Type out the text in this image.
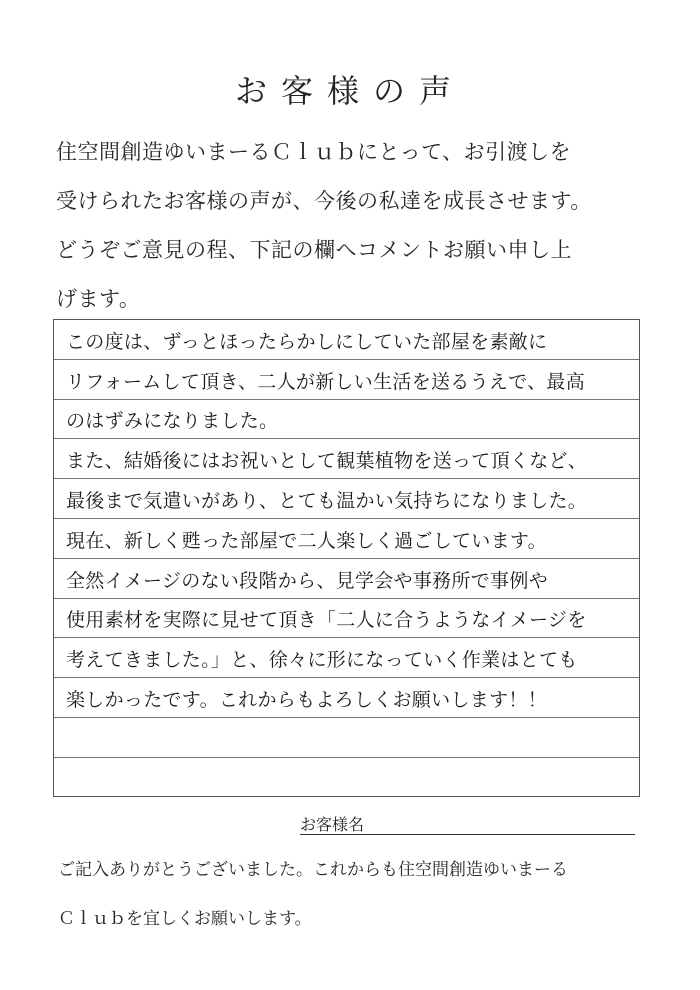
お客様の声

住空間創造ゆいまーるＣｌｕｂにとって、お引渡しを

受けられたお客様の声が、今後の私達を成長させます。

どうぞご意見の程、下記の欄へコメントお願い申し上

げます。

この度は、ずっとほったらかしにしていた部屋を素敵に
リフォームして頂き、二人が新しい生活を送るうえで、最高
のはずみになりました。
また、結婚後にはお祝いとして観葉植物を送って頂くなど、
最後まで気遣いがあり、とても温かい気持ちになりました。
現在、新しく甦った部屋で二人楽しく過ごしています。
全然イメージのない段階から、見学会や事務所で事例や
使用素材を実際に見せて頂き「二人に合うようなイメージを
考えてきました。」と、徐々に形になっていく作業はとても
楽しかったです。これからもよろしくお願いします！！
お客様名

ご記入ありがとうございました。これからも住空間創造ゆいまーる

Ｃｌｕｂを宜しくお願いします。
